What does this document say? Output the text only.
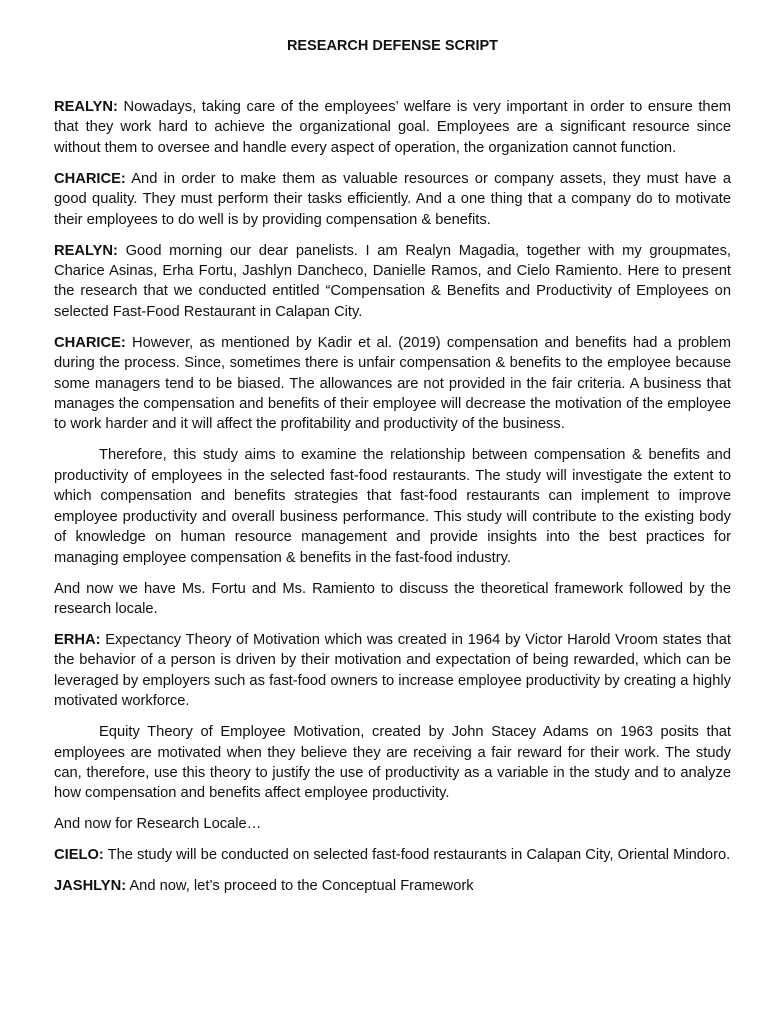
RESEARCH DEFENSE SCRIPT

REALYN: Nowadays, taking care of the employees’ welfare is very important in order to ensure them that they work hard to achieve the organizational goal. Employees are a significant resource since without them to oversee and handle every aspect of operation, the organization cannot function.

CHARICE: And in order to make them as valuable resources or company assets, they must have a good quality. They must perform their tasks efficiently. And a one thing that a company do to motivate their employees to do well is by providing compensation & benefits.

REALYN: Good morning our dear panelists. I am Realyn Magadia, together with my groupmates, Charice Asinas, Erha Fortu, Jashlyn Dancheco, Danielle Ramos, and Cielo Ramiento. Here to present the research that we conducted entitled “Compensation & Benefits and Productivity of Employees on selected Fast-Food Restaurant in Calapan City.

CHARICE: However, as mentioned by Kadir et al. (2019) compensation and benefits had a problem during the process. Since, sometimes there is unfair compensation & benefits to the employee because some managers tend to be biased. The allowances are not provided in the fair criteria. A business that manages the compensation and benefits of their employee will decrease the motivation of the employee to work harder and it will affect the profitability and productivity of the business.

Therefore, this study aims to examine the relationship between compensation & benefits and productivity of employees in the selected fast-food restaurants. The study will investigate the extent to which compensation and benefits strategies that fast-food restaurants can implement to improve employee productivity and overall business performance. This study will contribute to the existing body of knowledge on human resource management and provide insights into the best practices for managing employee compensation & benefits in the fast-food industry.

And now we have Ms. Fortu and Ms. Ramiento to discuss the theoretical framework followed by the research locale.

ERHA: Expectancy Theory of Motivation which was created in 1964 by Victor Harold Vroom states that the behavior of a person is driven by their motivation and expectation of being rewarded, which can be leveraged by employers such as fast-food owners to increase employee productivity by creating a highly motivated workforce.

Equity Theory of Employee Motivation, created by John Stacey Adams on 1963 posits that employees are motivated when they believe they are receiving a fair reward for their work. The study can, therefore, use this theory to justify the use of productivity as a variable in the study and to analyze how compensation and benefits affect employee productivity.

And now for Research Locale…

CIELO: The study will be conducted on selected fast-food restaurants in Calapan City, Oriental Mindoro.

JASHLYN: And now, let’s proceed to the Conceptual Framework
